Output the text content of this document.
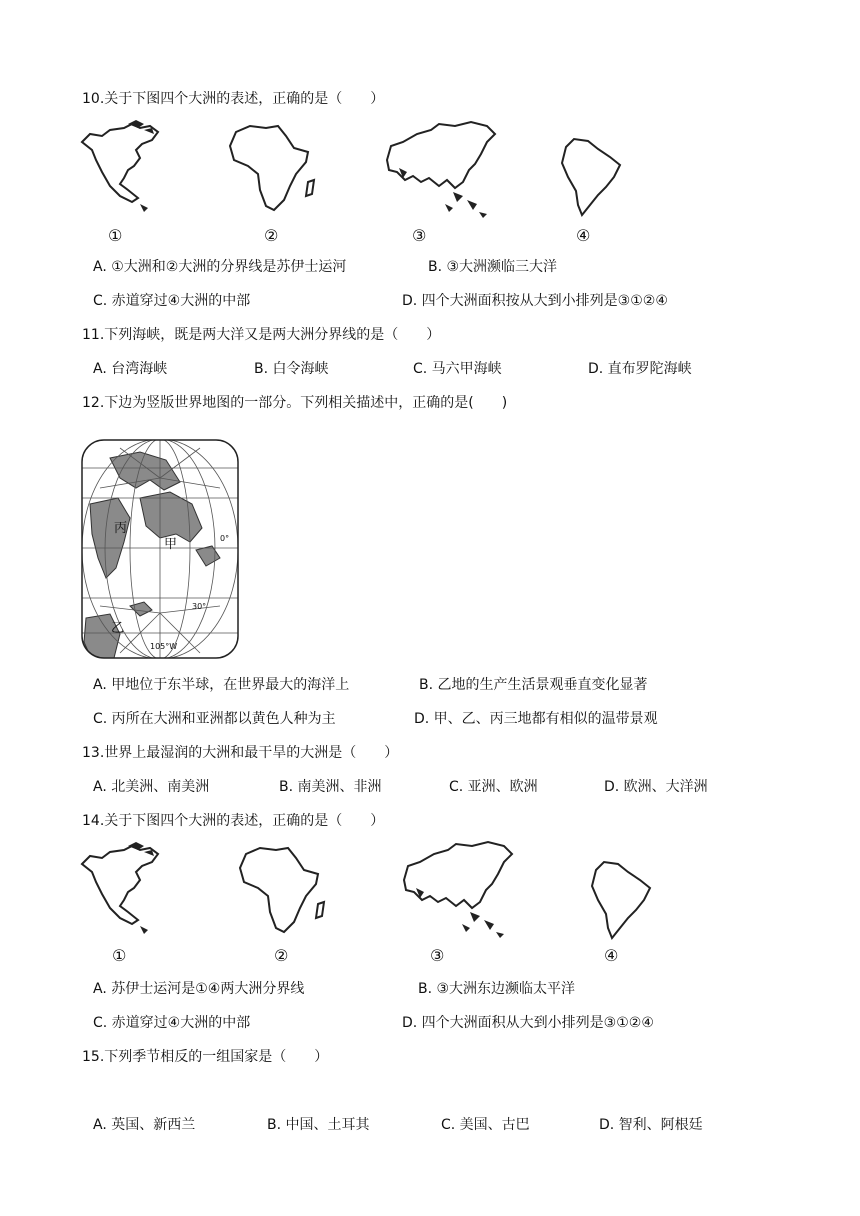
10.关于下图四个大洲的表述，正确的是（　　）
①	②	③	④
A. ①大洲和②大洲的分界线是苏伊士运河	B. ③大洲濒临三大洋
C. 赤道穿过④大洲的中部	D. 四个大洲面积按从大到小排列是③①②④
11.下列海峡，既是两大洋又是两大洲分界线的是（　　）
A. 台湾海峡	B. 白令海峡	C. 马六甲海峡	D. 直布罗陀海峡
12.下边为竖版世界地图的一部分。下列相关描述中，正确的是(　　)
丙
甲
乙
0°
30°
105°W
A. 甲地位于东半球，在世界最大的海洋上	B. 乙地的生产生活景观垂直变化显著
C. 丙所在大洲和亚洲都以黄色人种为主	D. 甲、乙、丙三地都有相似的温带景观
13.世界上最湿润的大洲和最干旱的大洲是（　　）
A. 北美洲、南美洲	B. 南美洲、非洲	C. 亚洲、欧洲	D. 欧洲、大洋洲
14.关于下图四个大洲的表述，正确的是（　　）
①	②	③	④
A. 苏伊士运河是①④两大洲分界线	B. ③大洲东边濒临太平洋
C. 赤道穿过④大洲的中部	D. 四个大洲面积从大到小排列是③①②④
15.下列季节相反的一组国家是（　　）
A. 英国、新西兰	B. 中国、土耳其	C. 美国、古巴	D. 智利、阿根廷
